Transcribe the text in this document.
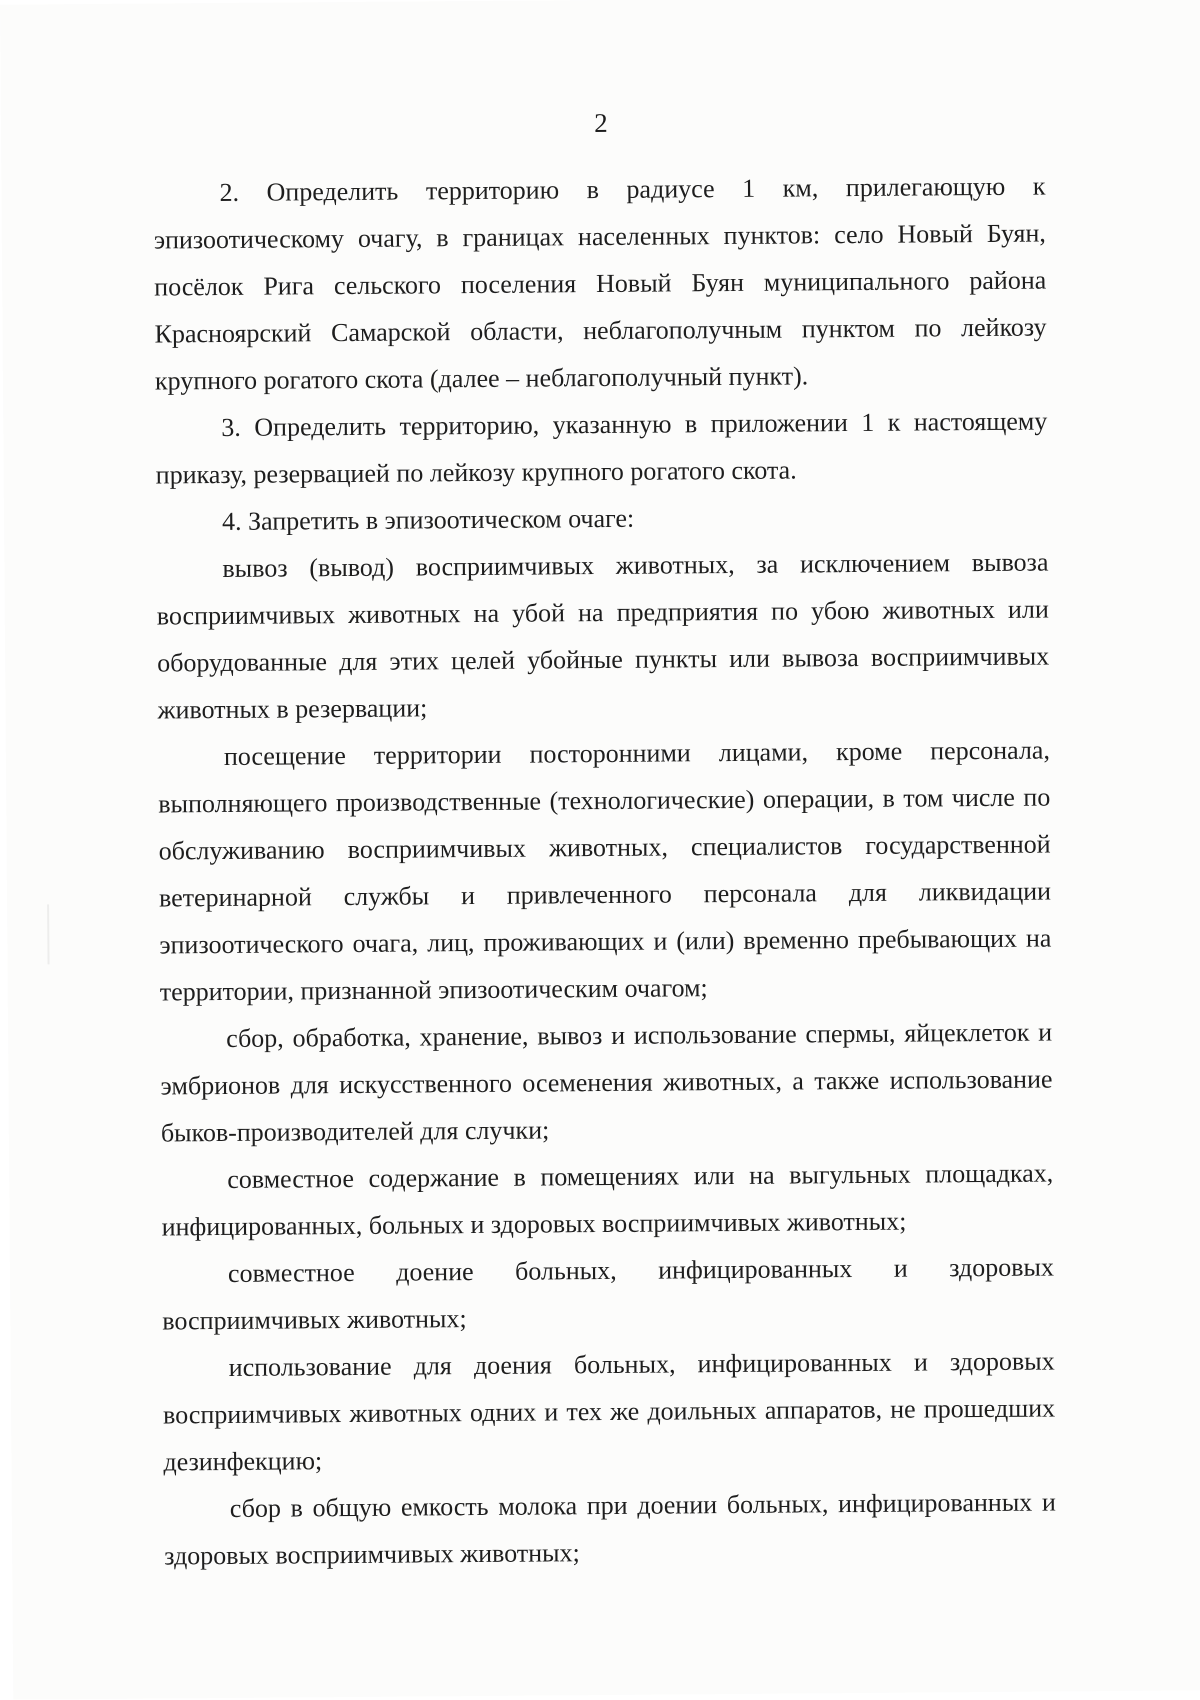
2

2. Определить территорию в радиусе 1 км, прилегающую к эпизоотическому очагу, в границах населенных пунктов: село Новый Буян, посёлок Рига сельского поселения Новый Буян муниципального района Красноярский Самарской области, неблагополучным пунктом по лейкозу крупного рогатого скота (далее – неблагополучный пункт).

3. Определить территорию, указанную в приложении 1 к настоящему приказу, резервацией по лейкозу крупного рогатого скота.

4. Запретить в эпизоотическом очаге:

вывоз (вывод) восприимчивых животных, за исключением вывоза восприимчивых животных на убой на предприятия по убою животных или оборудованные для этих целей убойные пункты или вывоза восприимчивых животных в резервации;

посещение территории посторонними лицами, кроме персонала, выполняющего производственные (технологические) операции, в том числе по обслуживанию восприимчивых животных, специалистов государственной ветеринарной службы и привлеченного персонала для ликвидации эпизоотического очага, лиц, проживающих и (или) временно пребывающих на территории, признанной эпизоотическим очагом;

сбор, обработка, хранение, вывоз и использование спермы, яйцеклеток и эмбрионов для искусственного осеменения животных, а также использование быков-производителей для случки;

совместное содержание в помещениях или на выгульных площадках, инфицированных, больных и здоровых восприимчивых животных;

совместное доение больных, инфицированных и здоровых восприимчивых животных;

использование для доения больных, инфицированных и здоровых восприимчивых животных одних и тех же доильных аппаратов, не прошедших дезинфекцию;

сбор в общую емкость молока при доении больных, инфицированных и здоровых восприимчивых животных;
